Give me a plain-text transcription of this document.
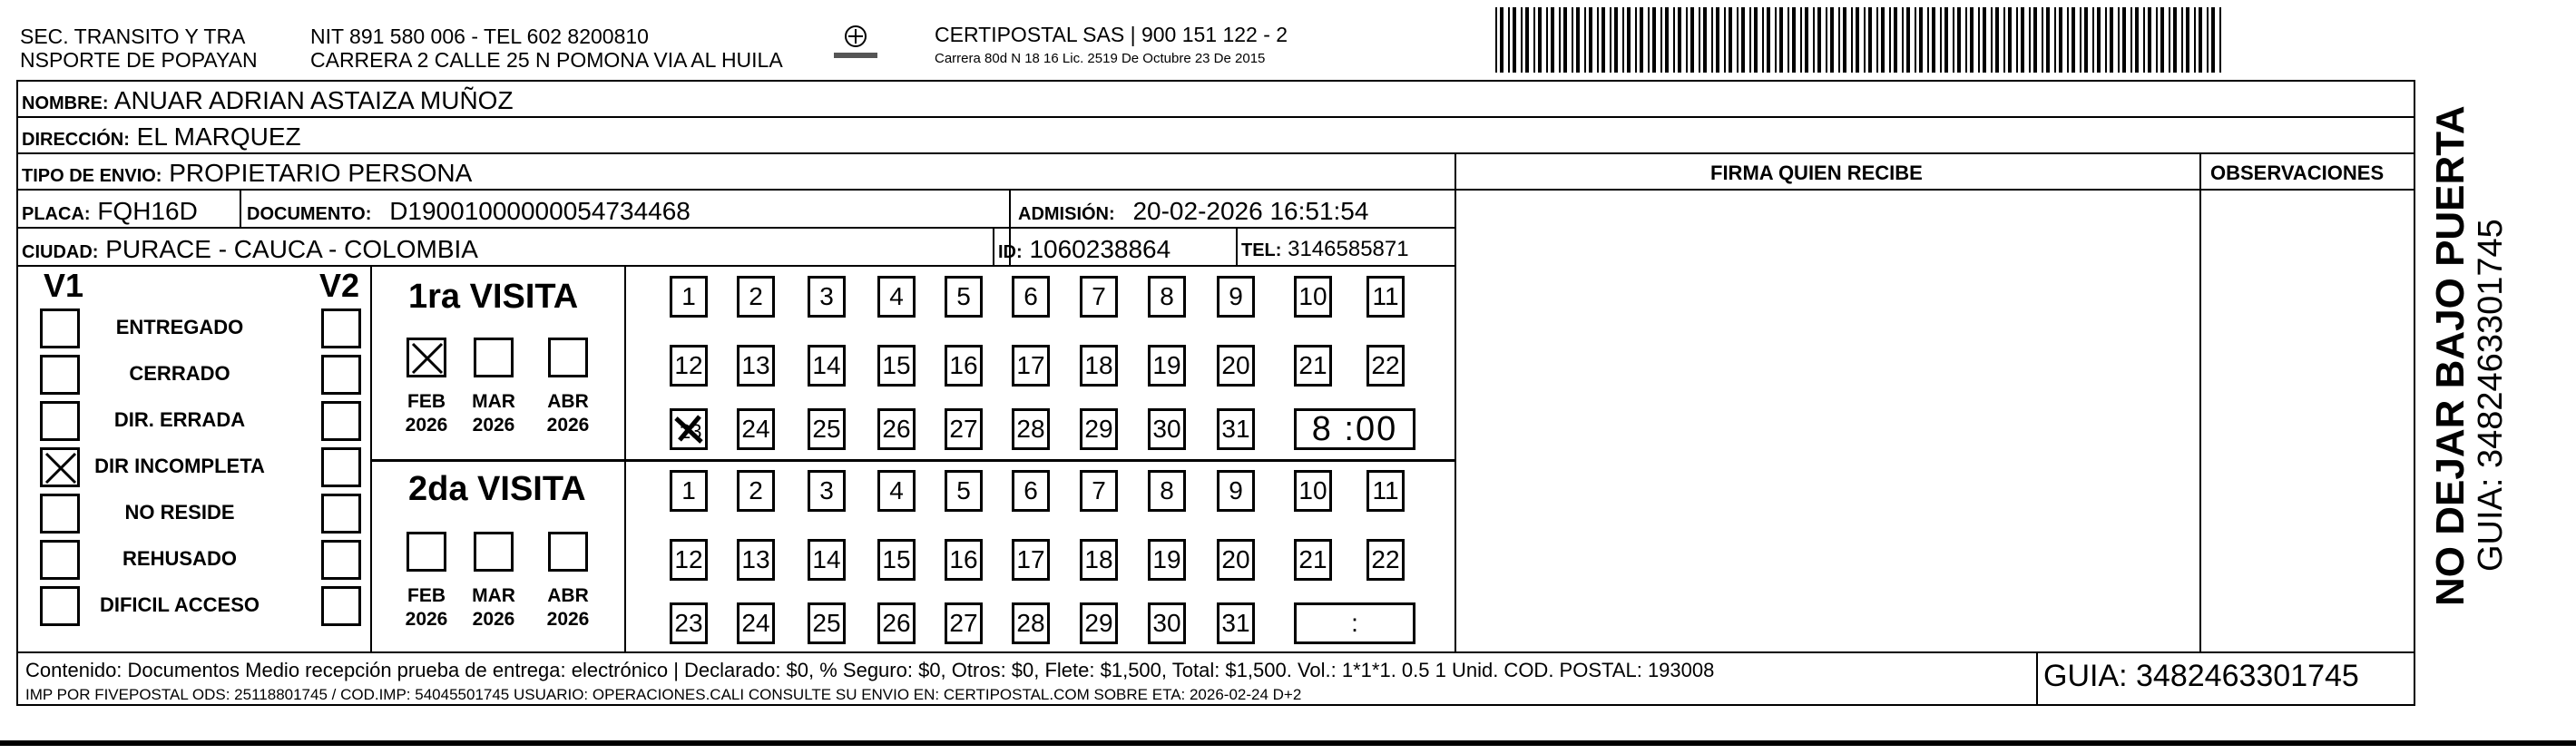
SEC. TRANSITO Y TRA
NSPORTE DE POPAYAN
NIT 891 580 006 - TEL 602 8200810
CARRERA 2 CALLE 25 N POMONA VIA AL HUILA
CERTIPOSTAL SAS | 900 151 122 - 2
Carrera 80d N 18 16 Lic. 2519 De Octubre 23 De 2015
NOMBRE: ANUAR ADRIAN ASTAIZA MUÑOZ
DIRECCIÓN: EL MARQUEZ
TIPO DE ENVIO: PROPIETARIO PERSONA	FIRMA QUIEN RECIBE	OBSERVACIONES
PLACA: FQH16D	DOCUMENTO: D19001000000054734468	ADMISIÓN: 20-02-2026 16:51:54
CIUDAD: PURACE - CAUCA - COLOMBIA	ID: 1060238864	TEL: 3146585871
V1	V2
ENTREGADO
CERRADO
DIR. ERRADA
DIR INCOMPLETA
NO RESIDE
REHUSADO
DIFICIL ACCESO
1ra VISITA
2da VISITA
FEB
2026
MAR
2026
ABR
2026
1	2	3	4	5	6	7	8	9	10 11
12 13 14 15 16 17 18 19 20 21 22
23 24 25 26 27 28 29 30 31	8 :00
FEB
2026
MAR
2026
ABR
2026
1	2	3	4	5	6	7	8	9	10 11
12 13 14 15 16 17 18 19 20 21 22
23 24 25 26 27 28 29 30 31	:
Contenido: Documentos Medio recepción prueba de entrega: electrónico | Declarado: $0, % Seguro: $0, Otros: $0, Flete: $1,500, Total: $1,500. Vol.: 1*1*1. 0.5 1 Unid. COD. POSTAL: 193008
IMP POR FIVEPOSTAL ODS: 25118801745 / COD.IMP: 54045501745 USUARIO: OPERACIONES.CALI CONSULTE SU ENVIO EN: CERTIPOSTAL.COM SOBRE ETA: 2026-02-24 D+2
GUIA: 3482463301745
NO DEJAR BAJO PUERTA GUIA: 3482463301745
